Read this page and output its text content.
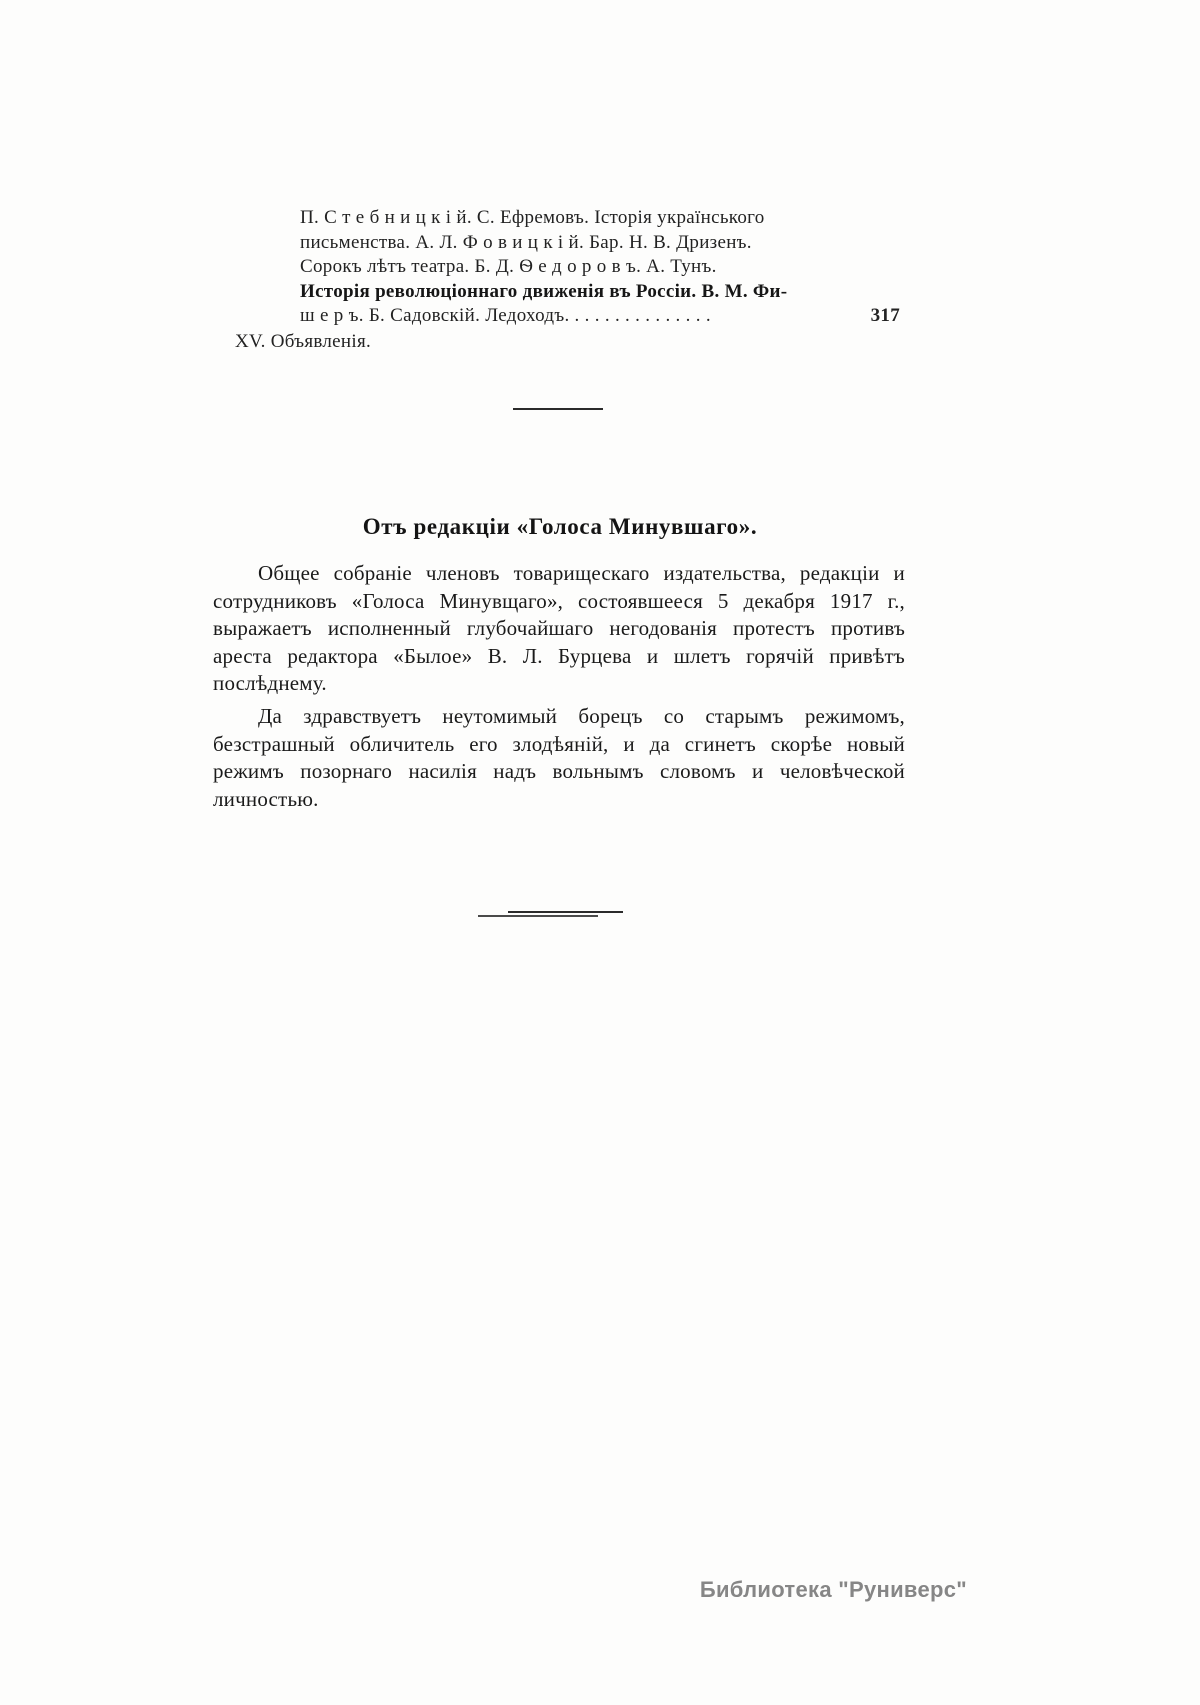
П. С т е б н и ц к і й. С. Ефремовъ. Історія українського
письменства. А. Л. Ф о в и ц к і й. Бар. Н. В. Дризенъ.
Сорокъ лѣтъ театра. Б. Д. Ѳ е д о р о в ъ. А. Тунъ.
Исторія революціоннаго движенія въ Россіи. В. М. Фи-
ш е р ъ. Б. Садовскій. Ледоходъ. . . . . . . . . . . . . . .	317
XV. Объявленія.
Отъ редакціи «Голоса Минувшаго».

Общее собраніе членовъ товарищескаго издательства, редакціи и сотрудниковъ «Голоса Минувщаго», состоявшееся 5 декабря 1917 г., выражаетъ исполненный глубочайшаго негодованія протестъ противъ ареста редактора «Былое» В. Л. Бурцева и шлетъ горячій привѣтъ послѣднему.

Да здравствуетъ неутомимый борецъ со старымъ режимомъ, безстрашный обличитель его злодѣяній, и да сгинетъ скорѣе новый режимъ позорнаго насилія надъ вольнымъ словомъ и человѣческой личностью.

Библиотека "Руниверс"
